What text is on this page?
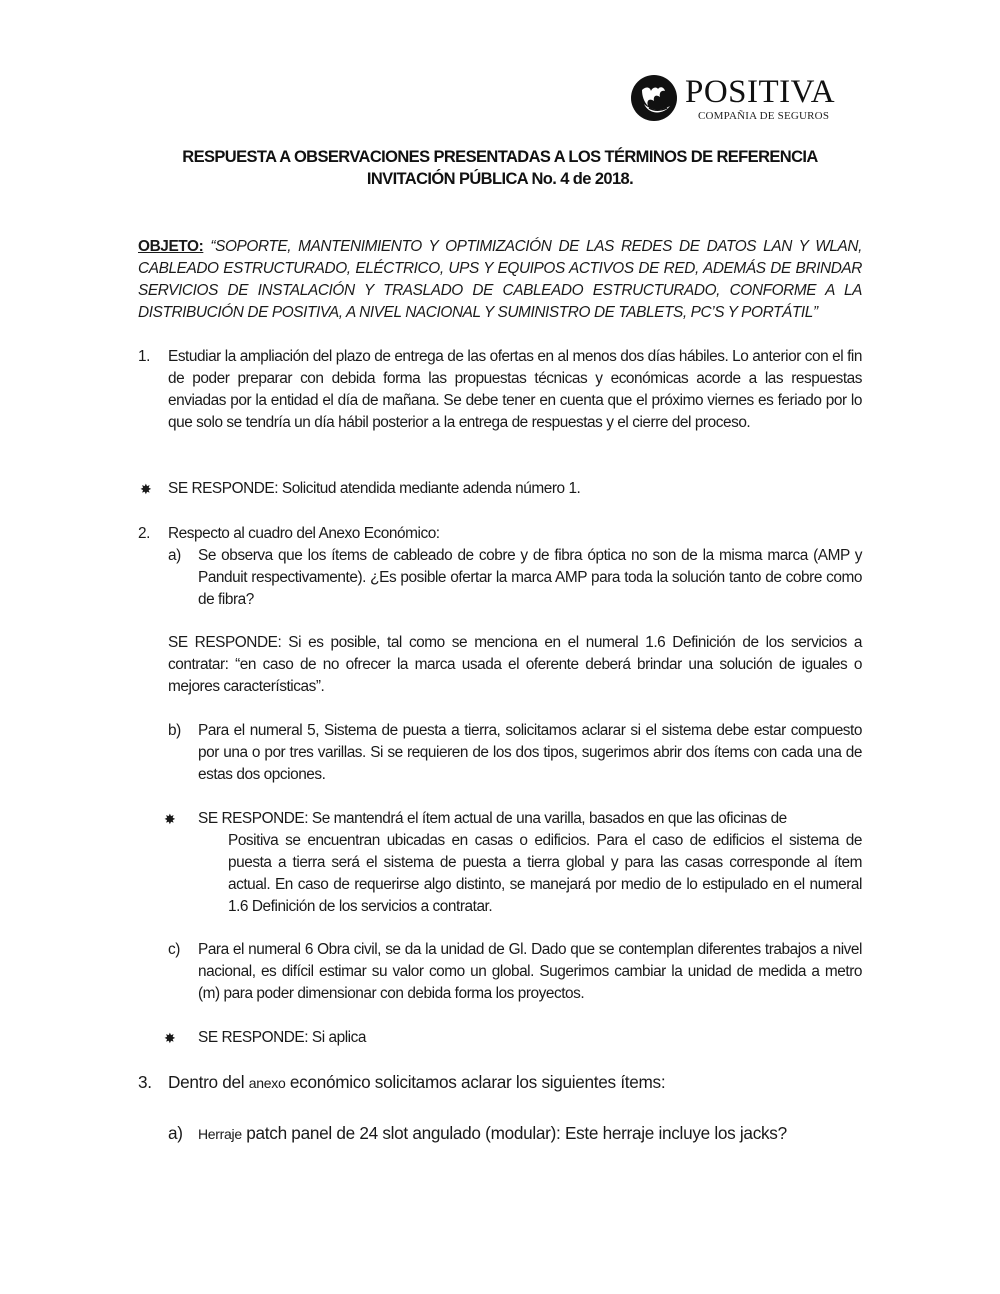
POSITIVA
COMPAÑIA DE SEGUROS
RESPUESTA A OBSERVACIONES PRESENTADAS A LOS TÉRMINOS DE REFERENCIA
INVITACIÓN PÚBLICA No. 4 de 2018.
OBJETO: “SOPORTE, MANTENIMIENTO Y OPTIMIZACIÓN DE LAS REDES DE DATOS LAN Y WLAN, CABLEADO ESTRUCTURADO, ELÉCTRICO, UPS Y EQUIPOS ACTIVOS DE RED, ADEMÁS DE BRINDAR SERVICIOS DE INSTALACIÓN Y TRASLADO DE CABLEADO ESTRUCTURADO, CONFORME A LA DISTRIBUCIÓN DE POSITIVA, A NIVEL NACIONAL Y SUMINISTRO DE TABLETS, PC’S Y PORTÁTIL”
1. Estudiar la ampliación del plazo de entrega de las ofertas en al menos dos días hábiles. Lo anterior con el fin de poder preparar con debida forma las propuestas técnicas y económicas acorde a las respuestas enviadas por la entidad el día de mañana. Se debe tener en cuenta que el próximo viernes es feriado por lo que solo se tendría un día hábil posterior a la entrega de respuestas y el cierre del proceso.
✸ SE RESPONDE: Solicitud atendida mediante adenda número 1.
2. Respecto al cuadro del Anexo Económico:
a) Se observa que los ítems de cableado de cobre y de fibra óptica no son de la misma marca (AMP y Panduit respectivamente). ¿Es posible ofertar la marca AMP para toda la solución tanto de cobre como de fibra?
SE RESPONDE: Si es posible, tal como se menciona en el numeral 1.6 Definición de los servicios a contratar: “en caso de no ofrecer la marca usada el oferente deberá brindar una solución de iguales o mejores características”.
b) Para el numeral 5, Sistema de puesta a tierra, solicitamos aclarar si el sistema debe estar compuesto por una o por tres varillas. Si se requieren de los dos tipos, sugerimos abrir dos ítems con cada una de estas dos opciones.
✸ SE RESPONDE: Se mantendrá el ítem actual de una varilla, basados en que las oficinas de
Positiva se encuentran ubicadas en casas o edificios. Para el caso de edificios el sistema de puesta a tierra será el sistema de puesta a tierra global y para las casas corresponde al ítem actual. En caso de requerirse algo distinto, se manejará por medio de lo estipulado en el numeral 1.6 Definición de los servicios a contratar.
c) Para el numeral 6 Obra civil, se da la unidad de Gl. Dado que se contemplan diferentes trabajos a nivel nacional, es difícil estimar su valor como un global. Sugerimos cambiar la unidad de medida a metro (m) para poder dimensionar con debida forma los proyectos.
✸ SE RESPONDE: Si aplica
3. Dentro del anexo económico solicitamos aclarar los siguientes ítems:
a) Herraje patch panel de 24 slot angulado (modular): Este herraje incluye los jacks?
